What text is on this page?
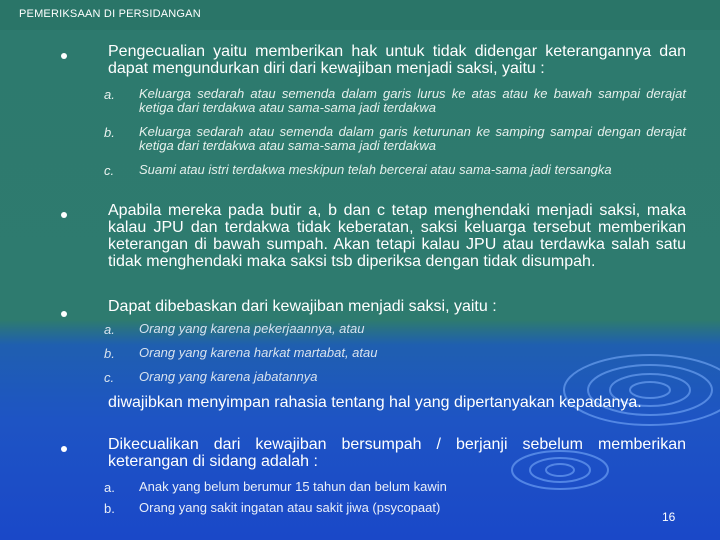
PEMERIKSAAN DI PERSIDANGAN

Pengecualian yaitu memberikan hak untuk tidak didengar keterangannya dan dapat mengundurkan diri dari kewajiban menjadi saksi, yaitu :

a.	Keluarga sedarah atau semenda dalam garis lurus ke atas atau ke bawah sampai derajat ketiga dari terdakwa atau sama-sama jadi terdakwa
b.	Keluarga sedarah atau semenda dalam garis keturunan ke samping sampai dengan derajat ketiga dari terdakwa atau sama-sama jadi terdakwa
c.	Suami atau istri terdakwa meskipun telah bercerai atau sama-sama jadi tersangka

Apabila mereka pada butir a, b dan c tetap menghendaki menjadi saksi, maka kalau JPU dan terdakwa tidak keberatan, saksi keluarga tersebut memberikan keterangan di bawah sumpah. Akan tetapi kalau JPU atau terdawka salah satu tidak menghendaki maka saksi tsb diperiksa dengan tidak disumpah.

Dapat dibebaskan dari kewajiban menjadi saksi, yaitu :

a.	Orang yang karena pekerjaannya, atau
b.	Orang yang karena harkat martabat, atau
c.	Orang yang karena jabatannya

diwajibkan menyimpan rahasia tentang hal yang dipertanyakan kepadanya.

Dikecualikan dari kewajiban bersumpah / berjanji sebelum memberikan keterangan di sidang adalah :

a.	Anak yang belum berumur 15 tahun dan belum kawin
b.	Orang yang sakit ingatan atau sakit jiwa (psycopaat)
16
